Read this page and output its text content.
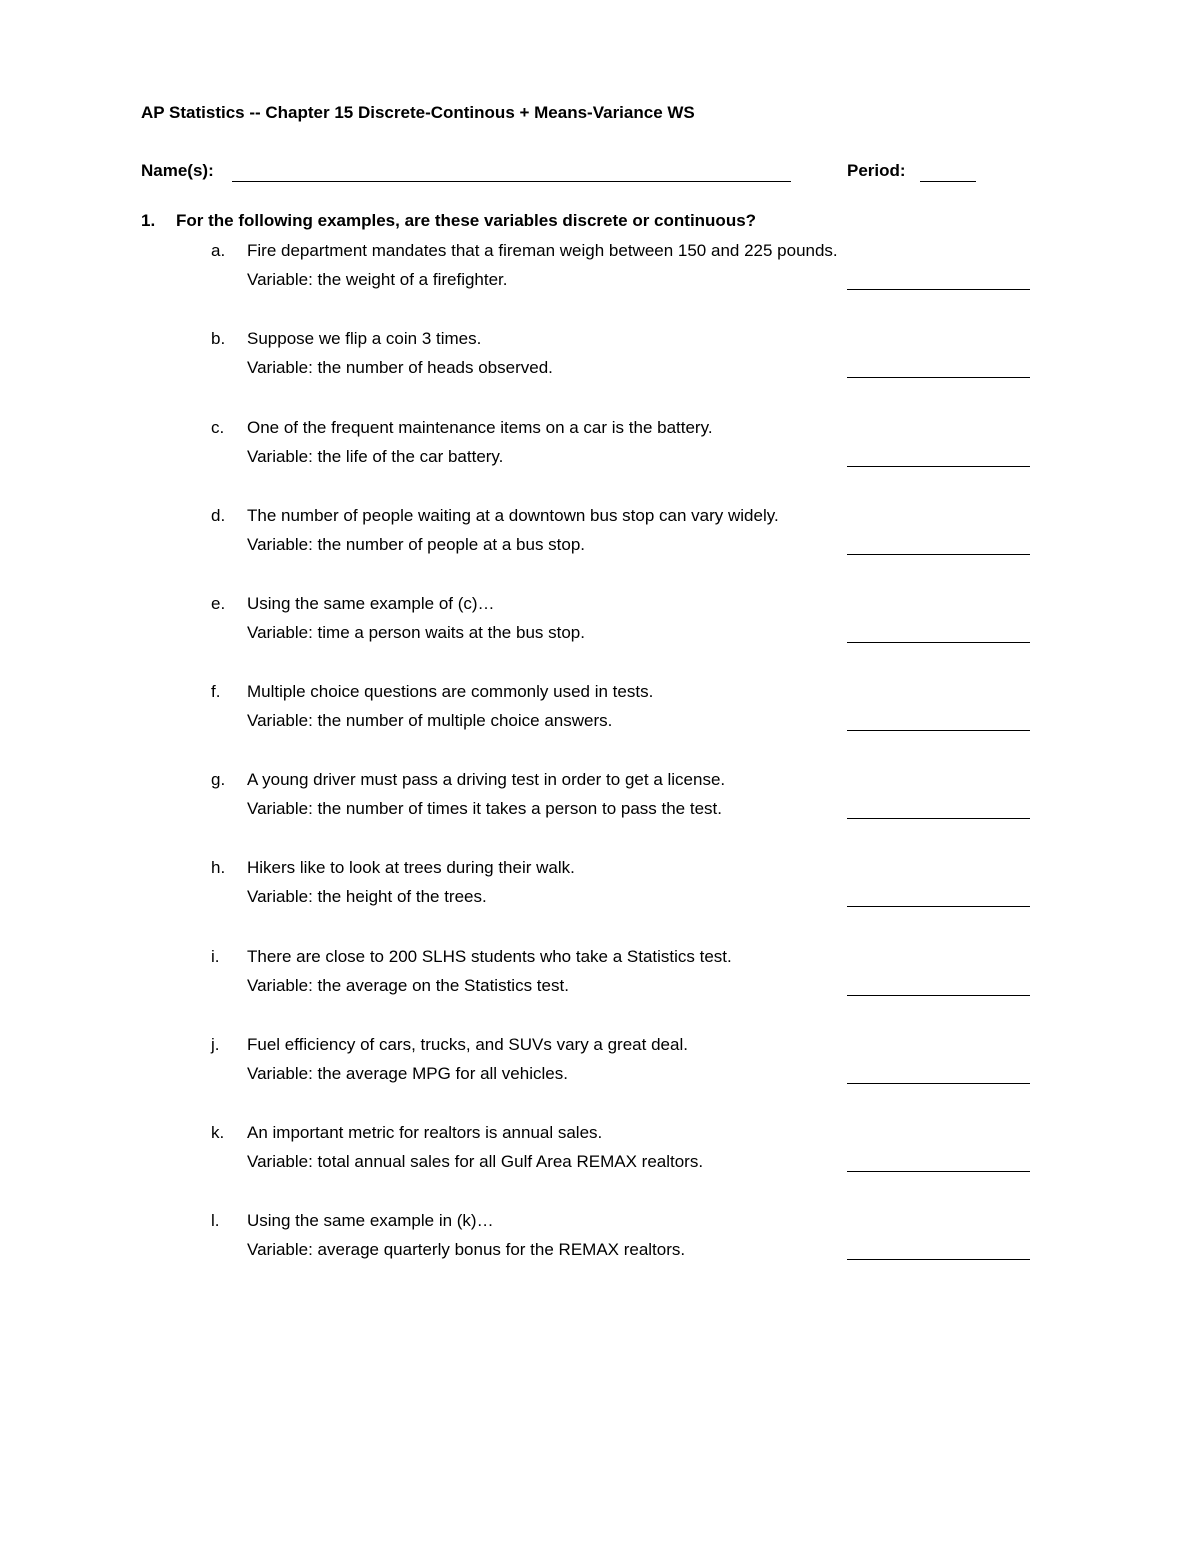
AP Statistics -- Chapter 15 Discrete-Continous + Means-Variance WS
Name(s):	Period:
1. For the following examples, are these variables discrete or continuous?
a.	Fire department mandates that a fireman weigh between 150 and 225 pounds.
Variable: the weight of a firefighter.
b.	Suppose we flip a coin 3 times.
Variable: the number of heads observed.
c.	One of the frequent maintenance items on a car is the battery.
Variable: the life of the car battery.
d.	The number of people waiting at a downtown bus stop can vary widely.
Variable: the number of people at a bus stop.
e.	Using the same example of (c)…
Variable: time a person waits at the bus stop.
f.	Multiple choice questions are commonly used in tests.
Variable: the number of multiple choice answers.
g.	A young driver must pass a driving test in order to get a license.
Variable: the number of times it takes a person to pass the test.
h.	Hikers like to look at trees during their walk.
Variable: the height of the trees.
i.	There are close to 200 SLHS students who take a Statistics test.
Variable: the average on the Statistics test.
j.	Fuel efficiency of cars, trucks, and SUVs vary a great deal.
Variable: the average MPG for all vehicles.
k.	An important metric for realtors is annual sales.
Variable: total annual sales for all Gulf Area REMAX realtors.
l.	Using the same example in (k)…
Variable: average quarterly bonus for the REMAX realtors.
